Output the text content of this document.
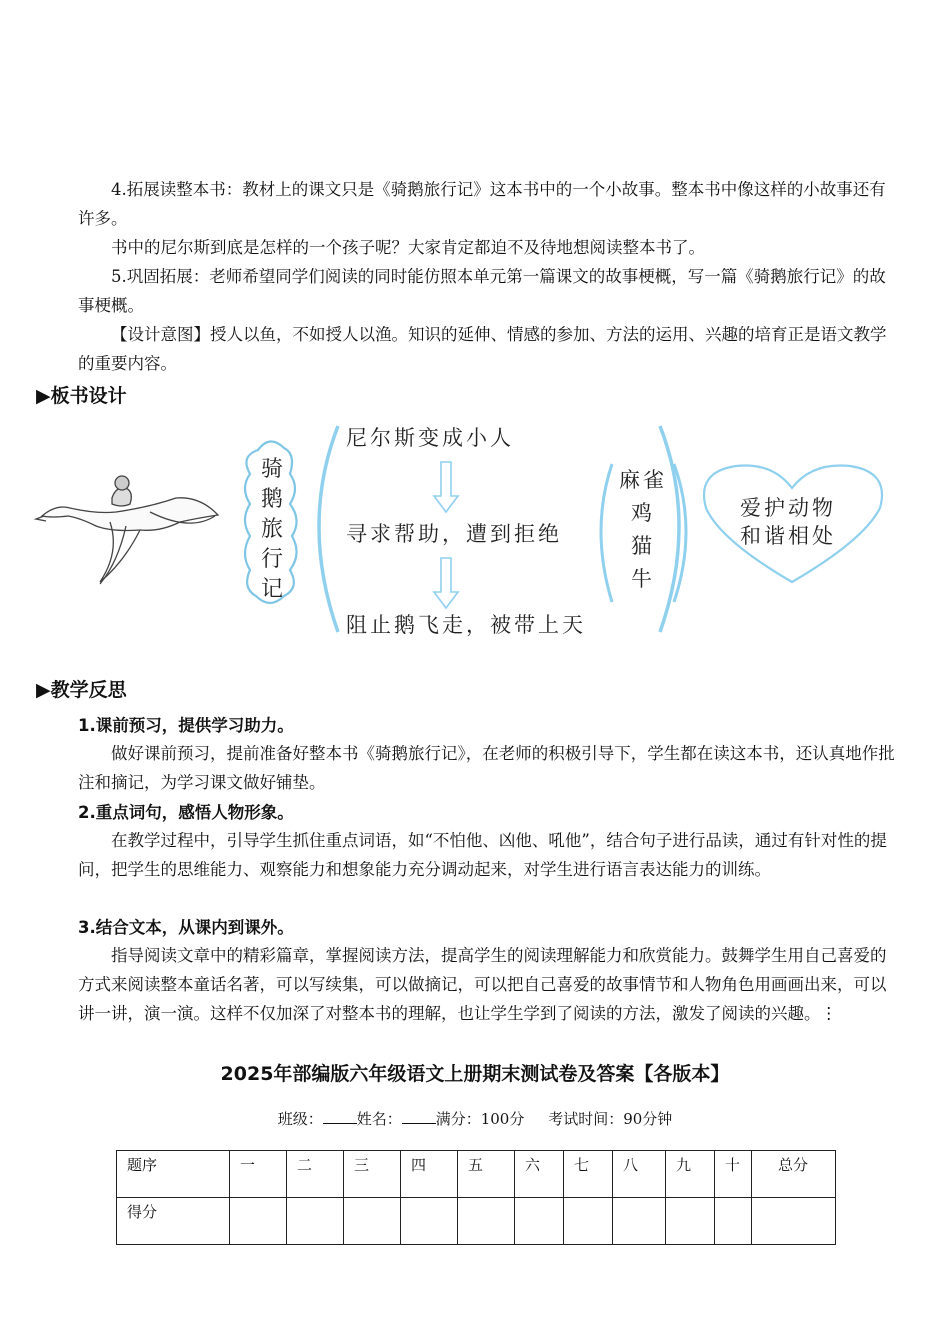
4.拓展读整本书：教材上的课文只是《骑鹅旅行记》这本书中的一个小故事。整本书中像这样的小故事还有许多。

书中的尼尔斯到底是怎样的一个孩子呢？大家肯定都迫不及待地想阅读整本书了。

5.巩固拓展：老师希望同学们阅读的同时能仿照本单元第一篇课文的故事梗概，写一篇《骑鹅旅行记》的故事梗概。

【设计意图】授人以鱼，不如授人以渔。知识的延伸、情感的参加、方法的运用、兴趣的培育正是语文教学的重要内容。

▶板书设计
骑
鹅
旅
行
记
尼尔斯变成小人
寻求帮助，遭到拒绝
阻止鹅飞走，被带上天
麻雀
鸡
猫
牛
爱护动物
和谐相处
▶教学反思
1.课前预习，提供学习助力。

做好课前预习，提前准备好整本书《骑鹅旅行记》，在老师的积极引导下，学生都在读这本书，还认真地作批注和摘记，为学习课文做好铺垫。

2.重点词句，感悟人物形象。

在教学过程中，引导学生抓住重点词语，如“不怕他、凶他、吼他”，结合句子进行品读，通过有针对性的提问，把学生的思维能力、观察能力和想象能力充分调动起来，对学生进行语言表达能力的训练。

3.结合文本，从课内到课外。

指导阅读文章中的精彩篇章，掌握阅读方法，提高学生的阅读理解能力和欣赏能力。鼓舞学生用自己喜爱的方式来阅读整本童话名著，可以写续集，可以做摘记，可以把自己喜爱的故事情节和人物角色用画画出来，可以讲一讲，演一演。这样不仅加深了对整本书的理解，也让学生学到了阅读的方法，激发了阅读的兴趣。⋮

2025年部编版六年级语文上册期末测试卷及答案【各版本】
班级： 姓名： 满分：100分 考试时间：90分钟
题序	一	二	三	四	五	六	七	八	九	十	总分
得分											
